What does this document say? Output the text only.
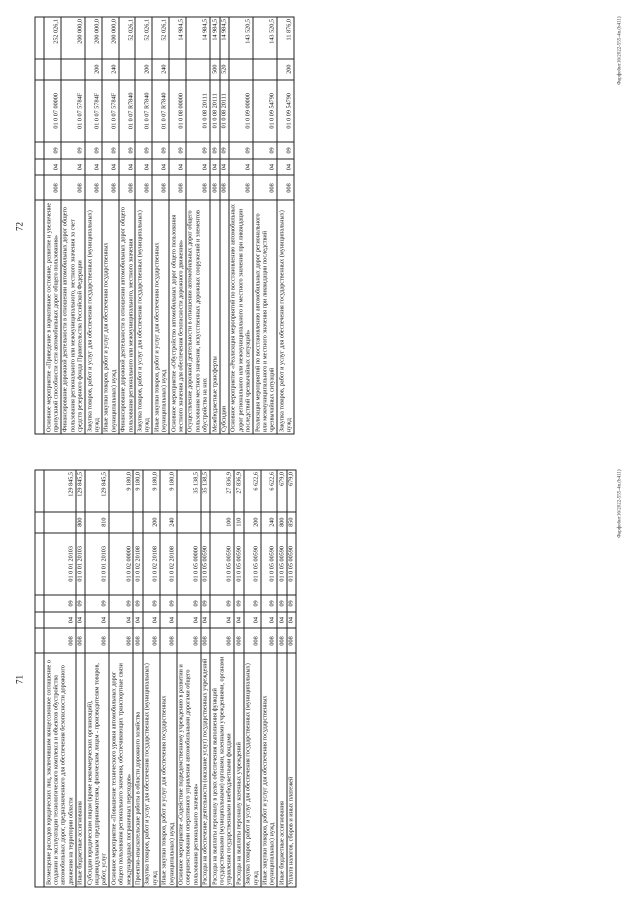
71
							Возмещение расходов юридических лиц, заключившим концессионное соглашение о создании и эксплуатации технологического комплекса и объектов обустройства автомобильных дорог, предназначенного для обеспечения безопасности дорожного движения на территории области	008	04	09	01 0 01 20103		129 845,5
Иные бюджетные ассигнования	008	04	09	01 0 01 20103	800	129 845,5
Субсидии юридическим лицам (кроме некоммерческих организаций), индивидуальным предпринимателям, физическим лицам - производителям товаров, работ, услуг	008	04	09	01 0 01 20103	810	129 845,5
Основное мероприятие «Повышение технического уровня автомобильных дорог общего пользования регионального значения, обеспечивающих транспортные связи международных пограничных переходов»	008	04	09	01 0 02 00000		9 180,0
Проектно-изыскательские работы в области дорожного хозяйства	008	04	09	01 0 02 20108		9 180,0
Закупка товаров, работ и услуг для обеспечения государственных (муниципальных) нужд	008	04	09	01 0 02 20108	200	9 180,0
Иные закупки товаров, работ и услуг для обеспечения государственных (муниципальных) нужд	008	04	09	01 0 02 20108	240	9 180,0
Основное мероприятие «Содействие подведомственному учреждению в развитии и совершенствовании оперативного управления автомобильными дорогами общего пользования регионального значения»	008	04	09	01 0 05 00000		35 138,5
Расходы на обеспечение деятельности (оказание услуг) государственных учреждений	008	04	09	01 0 05 00590		35 138,5
Расходы на выплаты персоналу в целях обеспечения выполнения функций государственными (муниципальными) органами, казенными учреждениями, органами управления государственными внебюджетными фондами	008	04	09	01 0 05 00590	100	27 836,9
Расходы на выплаты персоналу казенных учреждений	008	04	09	01 0 05 00590	110	27 836,9
Закупка товаров, работ и услуг для обеспечения государственных (муниципальных) нужд	008	04	09	01 0 05 00590	200	6 622,6
Иные закупки товаров, работ и услуг для обеспечения государственных (муниципальных) нужд	008	04	09	01 0 05 00590	240	6 622,6
Иные бюджетные ассигнования	008	04	09	01 0 05 00590	800	679,0
Уплата налогов, сборов и иных платежей	008	04	09	01 0 05 00590	850	679,0	Фарфо6нт16/2022-555-4n.(b411)
72
							Основное мероприятие «Приведение в нормативное состояние, развитие и увеличение пропускной способности сети автомобильных дорог общего пользования»	008	04	09	01 0 07 00000		252 026,1
Финансирование дорожной деятельности в отношении автомобильных дорог общего пользования регионального или межмуниципального, местного значения за счет средств резервного фонда Правительства Российской Федерации	008	04	09	01 0 07 5784F		200 000,0
Закупка товаров, работ и услуг для обеспечения государственных (муниципальных) нужд	008	04	09	01 0 07 5784F	200	200 000,0
Иные закупки товаров, работ и услуг для обеспечения государственных (муниципальных) нужд	008	04	09	01 0 07 5784F	240	200 000,0
Финансирование дорожной деятельности в отношении автомобильных дорог общего пользования регионального или межмуниципального, местного значения	008	04	09	01 0 07 R7840		52 026,1
Закупка товаров, работ и услуг для обеспечения государственных (муниципальных) нужд	008	04	09	01 0 07 R7840	200	52 026,1
Иные закупки товаров, работ и услуг для обеспечения государственных (муниципальных) нужд	008	04	09	01 0 07 R7840	240	52 026,1
Основное мероприятие «Обустройство автомобильных дорог общего пользования местного значения для обеспечения безопасности дорожного движения»	008	04	09	01 0 08 00000		14 984,5
Осуществление дорожной деятельности в отношении автомобильных дорог общего пользования местного значения, искусственных дорожных сооружений и элементов обустройства на них	008	04	09	01 0 08 20111		14 984,5
Межбюджетные трансферты	008	04	09	01 0 08 20111	500	14 984,5
Субсидии	008	04	09	01 0 08 20111	520	14 984,5
Основное мероприятие «Реализация мероприятий по восстановлению автомобильных дорог регионального или межмуниципального и местного значения при ликвидации последствий чрезвычайных ситуаций»	008	04	09	01 0 09 00000		143 520,5
Реализация мероприятий по восстановлению автомобильных дорог регионального или межмуниципального и местного значения при ликвидации последствий чрезвычайных ситуаций	008	04	09	01 0 09 54790		143 520,5
Закупка товаров, работ и услуг для обеспечения государственных (муниципальных) нужд	008	04	09	01 0 09 54790	200	11 876,0	Фарфо6нт16/2022-555-4n.(b411)
